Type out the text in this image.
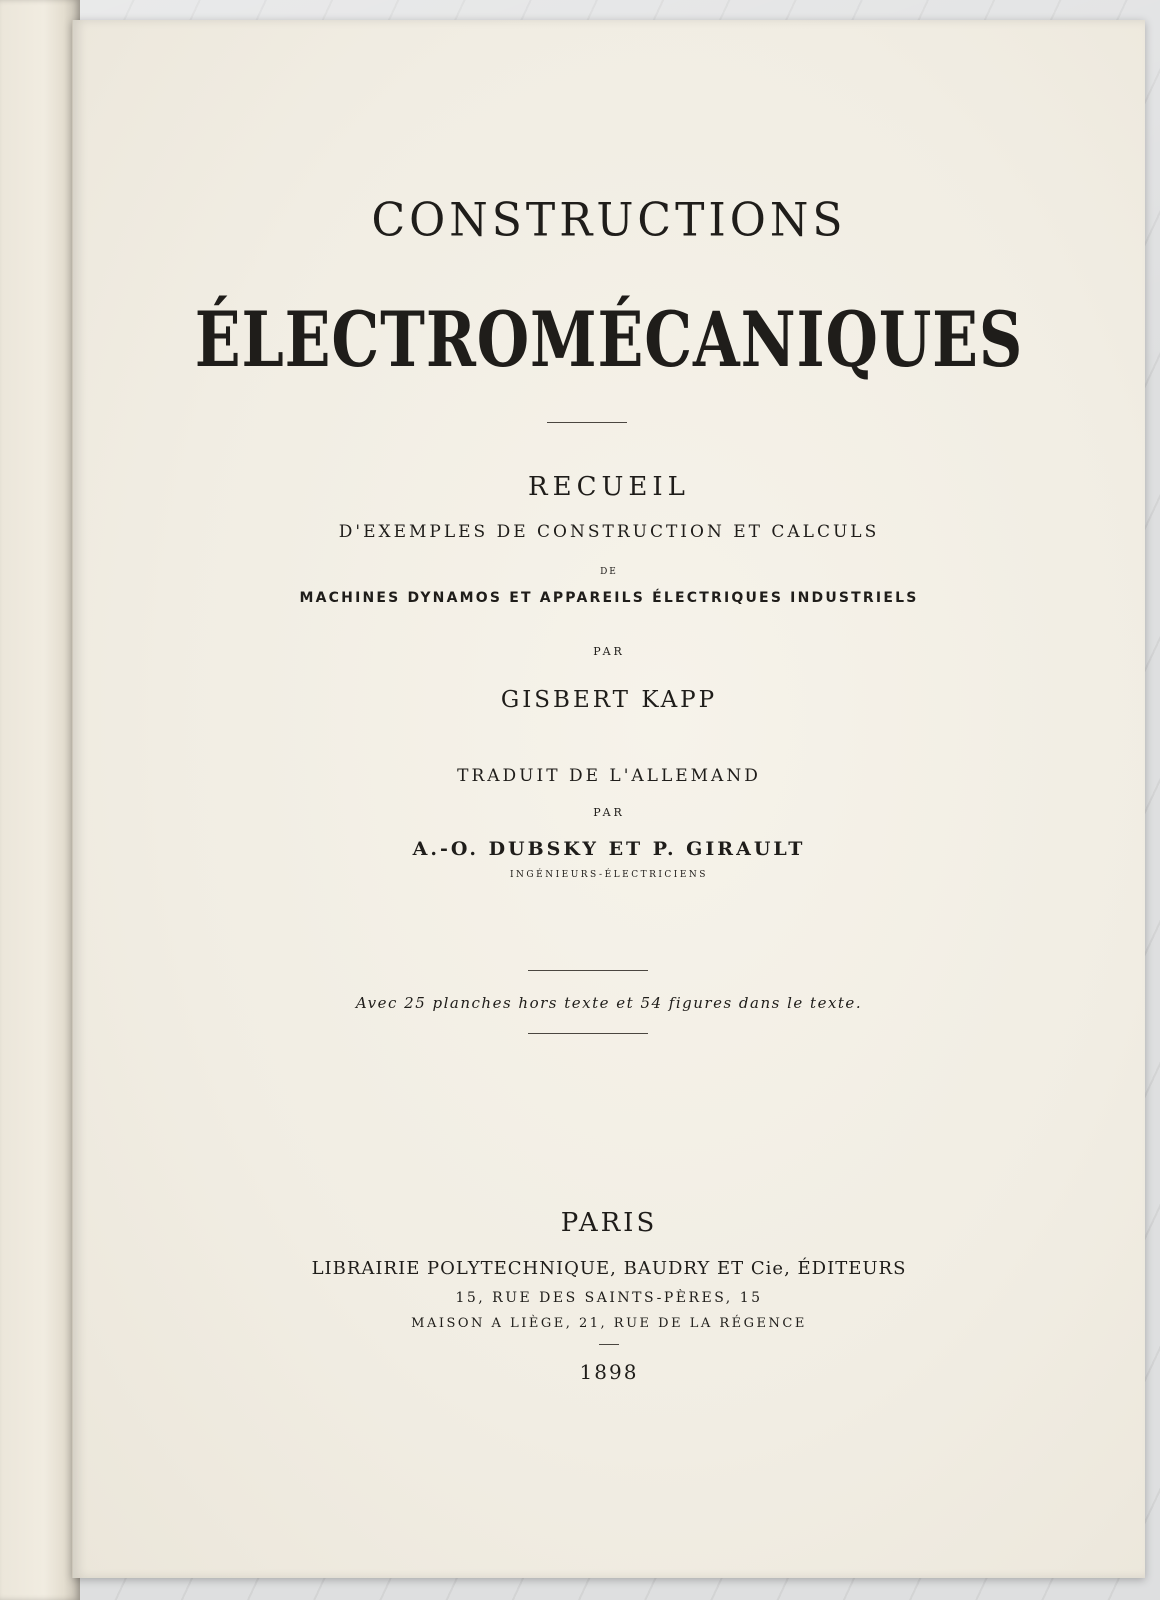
CONSTRUCTIONS
ÉLECTROMÉCANIQUES

RECUEIL

D'EXEMPLES DE CONSTRUCTION ET CALCULS

DE

MACHINES DYNAMOS ET APPAREILS ÉLECTRIQUES INDUSTRIELS

PAR

GISBERT KAPP

TRADUIT DE L'ALLEMAND

PAR

A.-O. DUBSKY ET P. GIRAULT

INGÉNIEURS-ÉLECTRICIENS

Avec 25 planches hors texte et 54 figures dans le texte.

PARIS

LIBRAIRIE POLYTECHNIQUE, BAUDRY ET Cie, ÉDITEURS

15, RUE DES SAINTS-PÈRES, 15

MAISON A LIÈGE, 21, RUE DE LA RÉGENCE

1898
